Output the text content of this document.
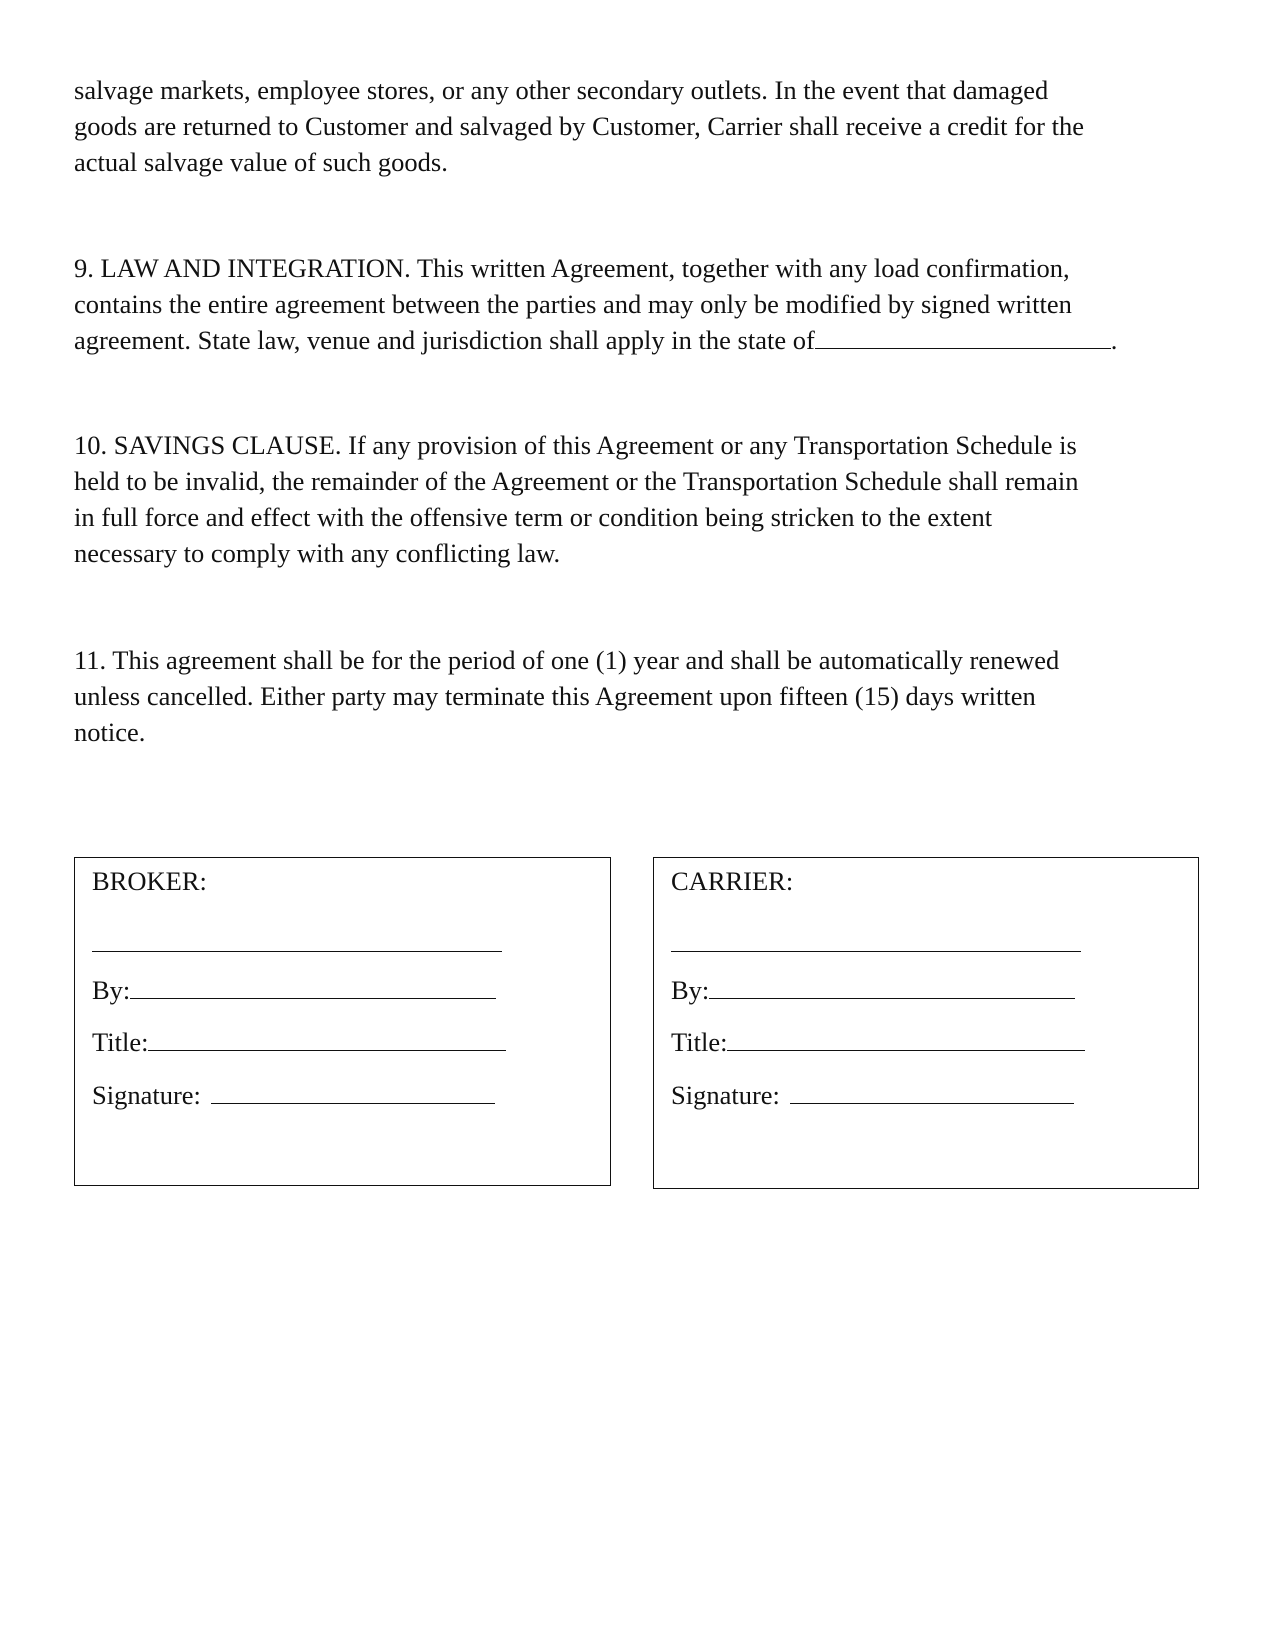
salvage markets, employee stores, or any other secondary outlets. In the event that damaged
goods are returned to Customer and salvaged by Customer, Carrier shall receive a credit for the
actual salvage value of such goods.

9. LAW AND INTEGRATION. This written Agreement, together with any load confirmation,
contains the entire agreement between the parties and may only be modified by signed written
agreement. State law, venue and jurisdiction shall apply in the state of	.

10. SAVINGS CLAUSE. If any provision of this Agreement or any Transportation Schedule is
held to be invalid, the remainder of the Agreement or the Transportation Schedule shall remain
in full force and effect with the offensive term or condition being stricken to the extent
necessary to comply with any conflicting law.

11. This agreement shall be for the period of one (1) year and shall be automatically renewed
unless cancelled. Either party may terminate this Agreement upon fifteen (15) days written
notice.

BROKER:
By:
Title:
Signature:
CARRIER:
By:
Title:
Signature:
